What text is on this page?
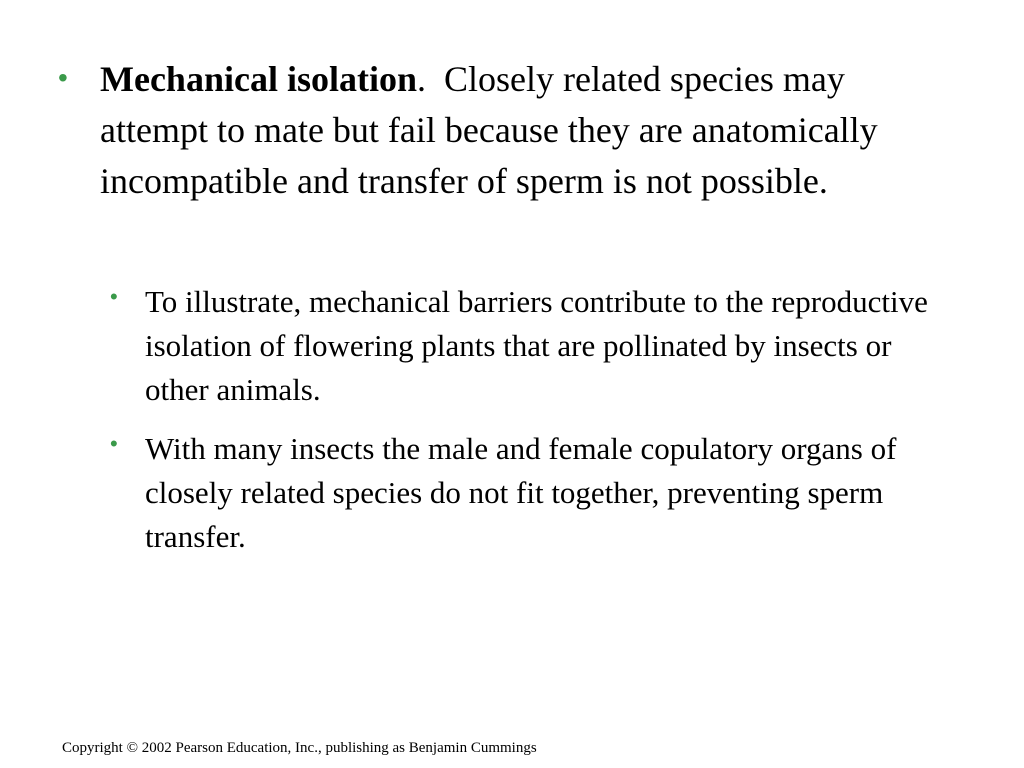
• Mechanical isolation.  Closely related species may attempt to mate but fail because they are anatomically incompatible and transfer of sperm is not possible.
• To illustrate, mechanical barriers contribute to the reproductive isolation of flowering plants that are pollinated by insects or other animals.
• With many insects the male and female copulatory organs of closely related species do not fit together, preventing sperm transfer.
Copyright © 2002 Pearson Education, Inc., publishing as Benjamin Cummings
